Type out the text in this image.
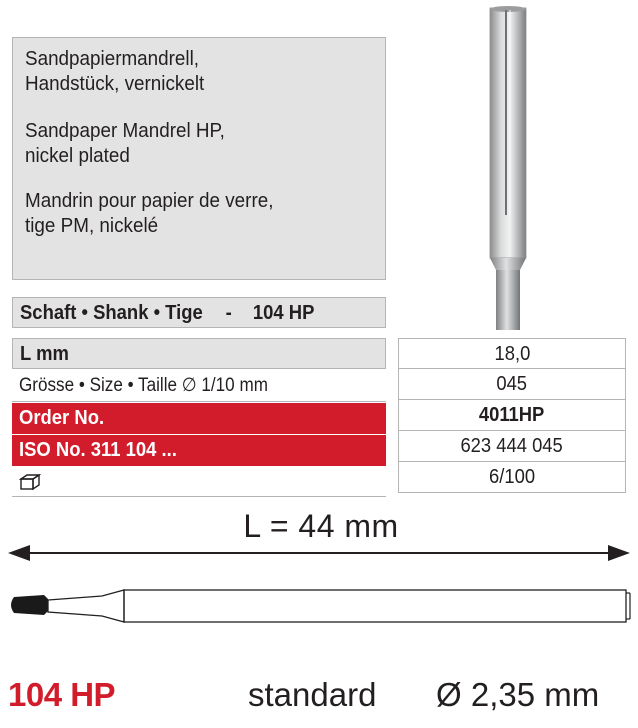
Sandpapiermandrell,
Handstück, vernickelt
Sandpaper Mandrel HP,
nickel plated
Mandrin pour papier de verre,
tige PM, nickelé
Schaft • Shank • Tige - 104 HP
L mm	18,0
Grösse • Size • Taille ∅ 1/10 mm	045
Order No.	4011HP
ISO No. 311 104 ...	623 444 045
6/100
L = 44 mm
104 HP	standard Ø 2,35 mm
